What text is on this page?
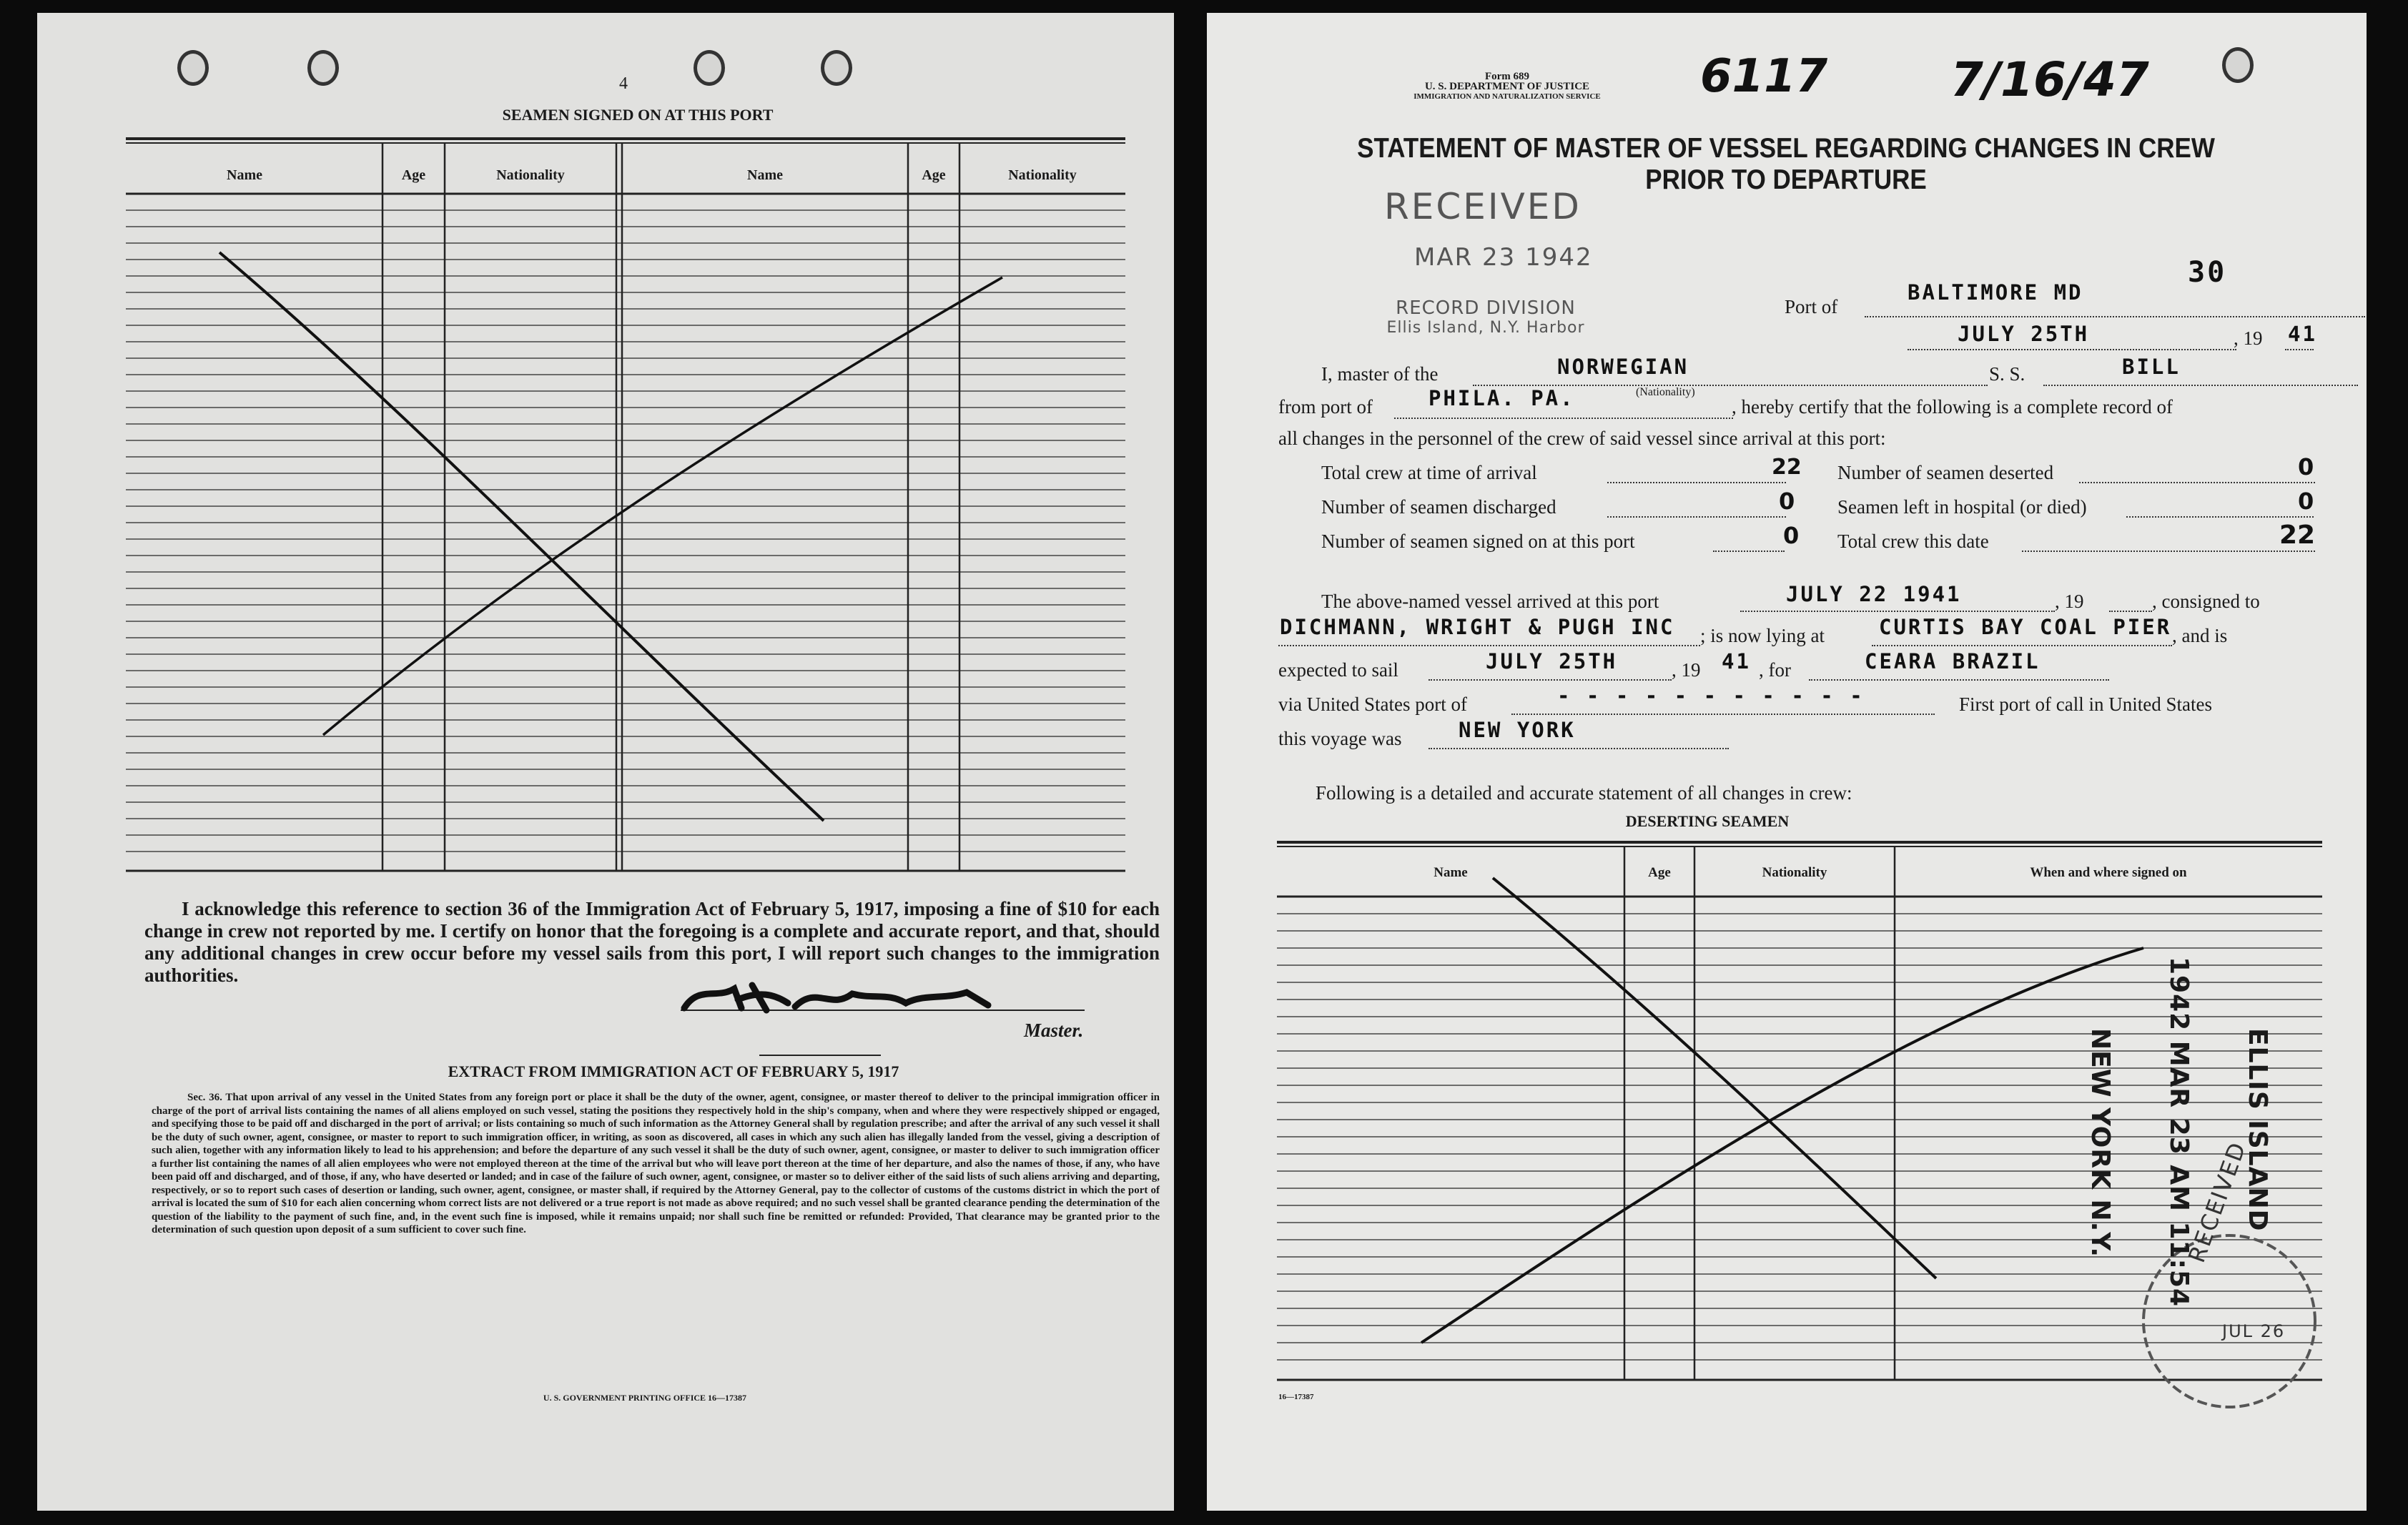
4
SEAMEN SIGNED ON AT THIS PORT
Name	Age	Nationality	Name	Age	Nationality
I acknowledge this reference to section 36 of the Immigration Act of February 5, 1917, imposing a fine of $10 for each change in crew not reported by me. I certify on honor that the foregoing is a complete and accurate report, and that, should any additional changes in crew occur before my vessel sails from this port, I will report such changes to the immigration authorities.
Master.
EXTRACT FROM IMMIGRATION ACT OF FEBRUARY 5, 1917
Sec. 36. That upon arrival of any vessel in the United States from any foreign port or place it shall be the duty of the owner, agent, consignee, or master thereof to deliver to the principal immigration officer in charge of the port of arrival lists containing the names of all aliens employed on such vessel, stating the positions they respectively hold in the ship's company, when and where they were respectively shipped or engaged, and specifying those to be paid off and discharged in the port of arrival; or lists containing so much of such information as the Attorney General shall by regulation prescribe; and after the arrival of any such vessel it shall be the duty of such owner, agent, consignee, or master to report to such immigration officer, in writing, as soon as discovered, all cases in which any such alien has illegally landed from the vessel, giving a description of such alien, together with any information likely to lead to his apprehension; and before the departure of any such vessel it shall be the duty of such owner, agent, consignee, or master to deliver to such immigration officer a further list containing the names of all alien employees who were not employed thereon at the time of the arrival but who will leave port thereon at the time of her departure, and also the names of those, if any, who have been paid off and discharged, and of those, if any, who have deserted or landed; and in case of the failure of such owner, agent, consignee, or master so to deliver either of the said lists of such aliens arriving and departing, respectively, or so to report such cases of desertion or landing, such owner, agent, consignee, or master shall, if required by the Attorney General, pay to the collector of customs of the customs district in which the port of arrival is located the sum of $10 for each alien concerning whom correct lists are not delivered or a true report is not made as above required; and no such vessel shall be granted clearance pending the determination of the question of the liability to the payment of such fine, and, in the event such fine is imposed, while it remains unpaid; nor shall such fine be remitted or refunded: Provided, That clearance may be granted prior to the determination of such question upon deposit of a sum sufficient to cover such fine.
U. S. GOVERNMENT PRINTING OFFICE 16—17387
Form 689
U. S. DEPARTMENT OF JUSTICE
IMMIGRATION AND NATURALIZATION SERVICE	6117	7/16/47
STATEMENT OF MASTER OF VESSEL REGARDING CHANGES IN CREW
PRIOR TO DEPARTURE
RECEIVED
MAR 23 1942
RECORD DIVISION
Ellis Island, N.Y. Harbor
30
Port of
BALTIMORE MD
JULY 25TH	, 19 41
I, master of the	NORWEGIAN
(Nationality)
S. S.	BILL
from port of	PHILA. PA.	, hereby certify that the following is a complete record of
all changes in the personnel of the crew of said vessel since arrival at this port:
Total crew at time of arrival	22
Number of seamen discharged	0
Number of seamen signed on at this port	0
Number of seamen deserted	0
Seamen left in hospital (or died)	0
Total crew this date	22
The above-named vessel arrived at this port	JULY 22 1941	, 19	, consigned to
DICHMANN, WRIGHT & PUGH INC ; is now lying at	CURTIS BAY COAL PIER , and is
expected to sail	JULY 25TH	, 19 41 , for	CEARA BRAZIL
via United States port of	- - - - - - - - - - -	First port of call in United States
this voyage was	NEW YORK
Following is a detailed and accurate statement of all changes in crew:
DESERTING SEAMEN
Name	Age	Nationality	When and where signed on
ELLIS ISLAND
1942 MAR 23 AM 11:54
NEW YORK N.Y.	RECEIVED
JUL 26
16—17387
